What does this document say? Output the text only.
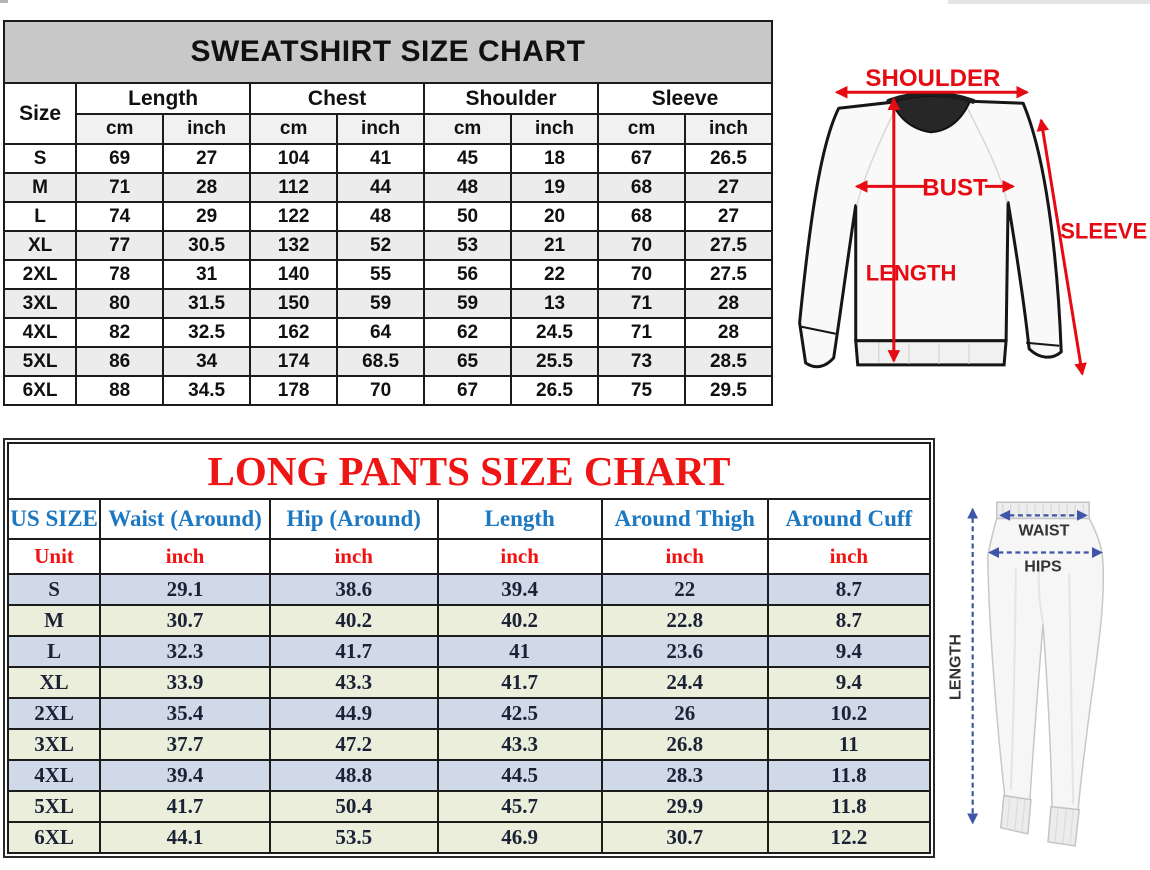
SWEATSHIRT SIZE CHART								
Size	Length		Chest		Shoulder		Sleeve	
	cm	inch	cm	inch	cm	inch	cm	inch
S	69	27	104	41	45	18	67	26.5
M	71	28	112	44	48	19	68	27
L	74	29	122	48	50	20	68	27
XL	77	30.5	132	52	53	21	70	27.5
2XL	78	31	140	55	56	22	70	27.5
3XL	80	31.5	150	59	59	13	71	28
4XL	82	32.5	162	64	62	24.5	71	28
5XL	86	34	174	68.5	65	25.5	73	28.5
6XL	88	34.5	178	70	67	26.5	75	29.5
SHOULDER
BUST
LENGTH
SLEEVE
LONG PANTS SIZE CHART					
US SIZE	Waist (Around)	Hip (Around)	Length	Around Thigh	Around Cuff
Unit	inch	inch	inch	inch	inch
S	29.1	38.6	39.4	22	8.7
M	30.7	40.2	40.2	22.8	8.7
L	32.3	41.7	41	23.6	9.4
XL	33.9	43.3	41.7	24.4	9.4
2XL	35.4	44.9	42.5	26	10.2
3XL	37.7	47.2	43.3	26.8	11
4XL	39.4	48.8	44.5	28.3	11.8
5XL	41.7	50.4	45.7	29.9	11.8
6XL	44.1	53.5	46.9	30.7	12.2
WAIST
HIPS
LENGTH
